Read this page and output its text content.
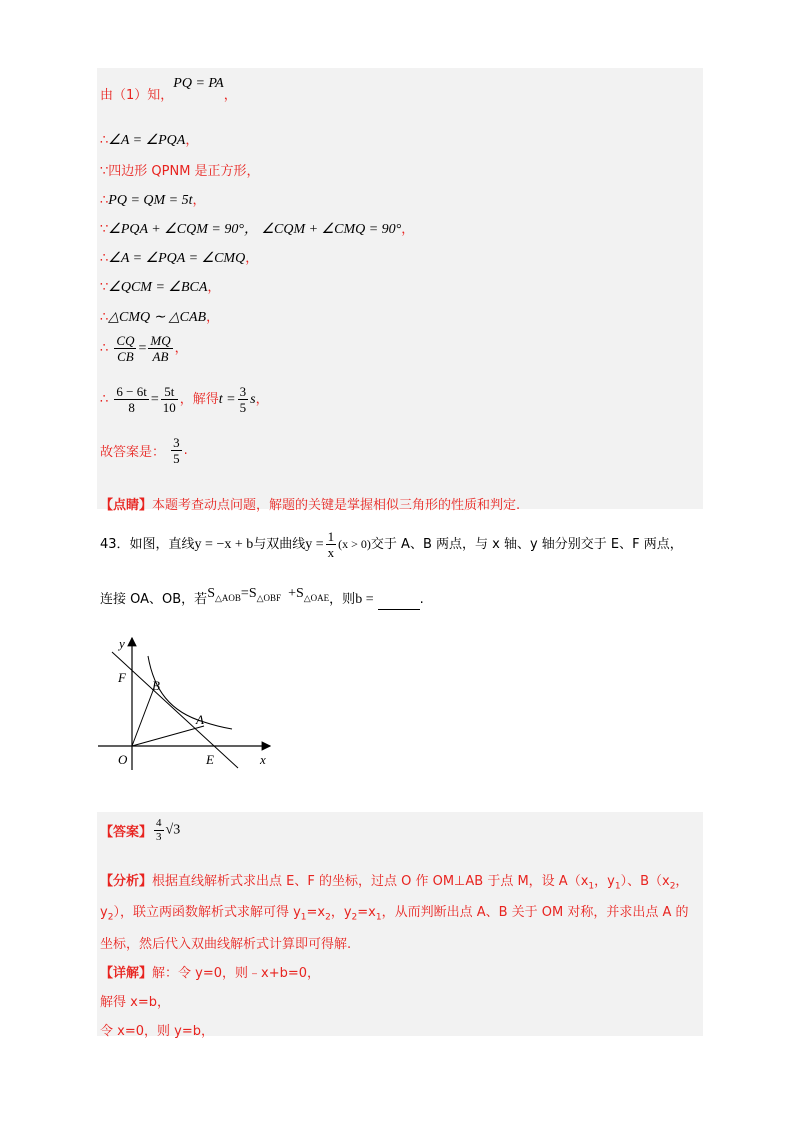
由（1）知，PQ = PA，
∴∠A = ∠PQA，
∵四边形 QPNM 是正方形，
∴PQ = QM = 5t，
∵∠PQA + ∠CQM = 90°， ∠CQM + ∠CMQ = 90°，
∴∠A = ∠PQA = ∠CMQ，
∵∠QCM = ∠BCA，
∴△CMQ ∼ △CAB，
∴ $\frac{CQ}{CB} = \frac{MQ}{AB}$ ，
∴ $\frac{6 - 6t}{8} = \frac{5t}{10}$ ，解得$t = \frac{3}{5}$ s，
故答案是： $\frac{3}{5}$ .
【点睛】本题考查动点问题，解题的关键是掌握相似三角形的性质和判定.
43．如图，直线y = −x + b与双曲线$y = \frac{1}{x} (x > 0)$交于 A、B 两点，与 x 轴、y 轴分别交于 E、F 两点，
连接 OA、OB，若$S_{\triangle AOB}=S_{\triangle OBF} +S_{\triangle OAE}$，则b =	.
y
x
O	E
F
B
A
【答案】 $\frac{4}{3} √3$
【分析】根据直线解析式求出点 E、F 的坐标，过点 O 作 OM⊥AB 于点 M，设 $A(x_1$，$y_1$）、$B(x_2$，
$y_2$），联立两函数解析式求解可得 $y_1=x_2$，$y_2=x_1$，从而判断出点 A、B 关于 OM 对称，并求出点 A 的
坐标，然后代入双曲线解析式计算即可得解.
【详解】解：令 y=0，则﹣x+b=0，
解得 x=b，
令 x=0，则 y=b，
